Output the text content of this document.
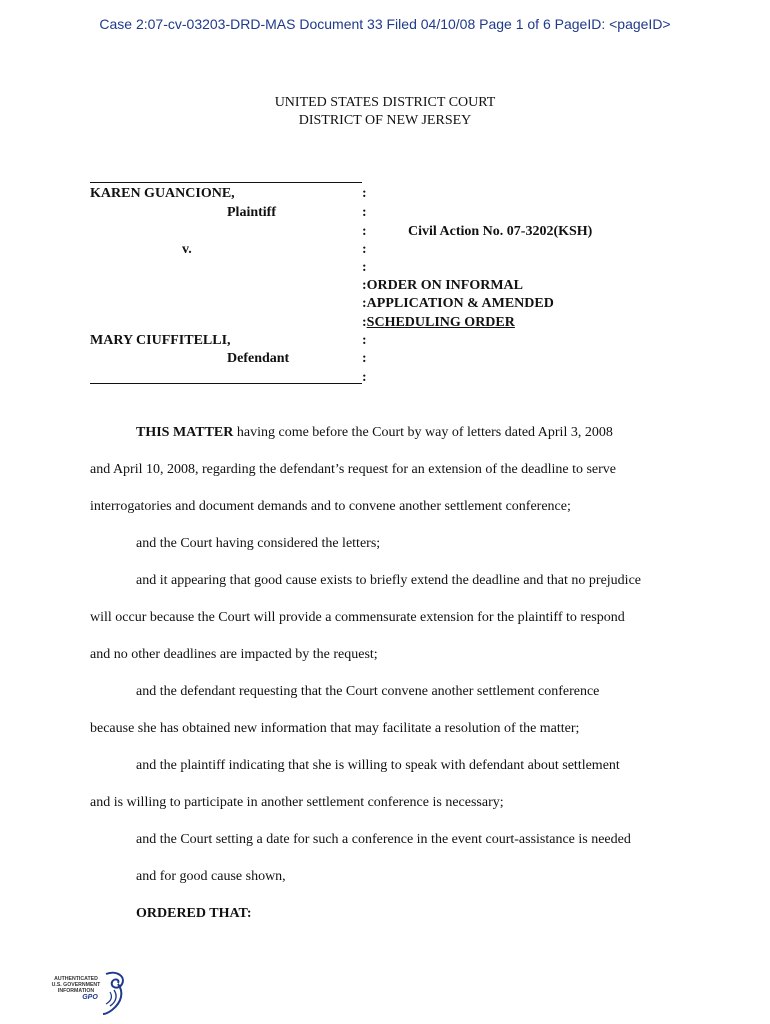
Case 2:07-cv-03203-DRD-MAS Document 33 Filed 04/10/08 Page 1 of 6 PageID: <pageID>
UNITED STATES DISTRICT COURT
DISTRICT OF NEW JERSEY
KAREN GUANCIONE,
Plaintiff
v.
MARY CIUFFITELLI,
Defendant
:
:
:
:
:
:
:
:
Civil Action No. 07-3202(KSH)
:ORDER ON INFORMAL
:APPLICATION & AMENDED
:SCHEDULING ORDER
THIS MATTER having come before the Court by way of letters dated April 3, 2008
and April 10, 2008, regarding the defendant’s request for an extension of the deadline to serve
interrogatories and document demands and to convene another settlement conference;
and the Court having considered the letters;
and it appearing that good cause exists to briefly extend the deadline and that no prejudice
will occur because the Court will provide a commensurate extension for the plaintiff to respond
and no other deadlines are impacted by the request;
and the defendant requesting that the Court convene another settlement conference
because she has obtained new information that may facilitate a resolution of the matter;
and the plaintiff indicating that she is willing to speak with defendant about settlement
and is willing to participate in another settlement conference is necessary;
and the Court setting a date for such a conference in the event court-assistance is needed
and for good cause shown,
ORDERED THAT:
AUTHENTICATED
U.S. GOVERNMENT
INFORMATION
GPO
